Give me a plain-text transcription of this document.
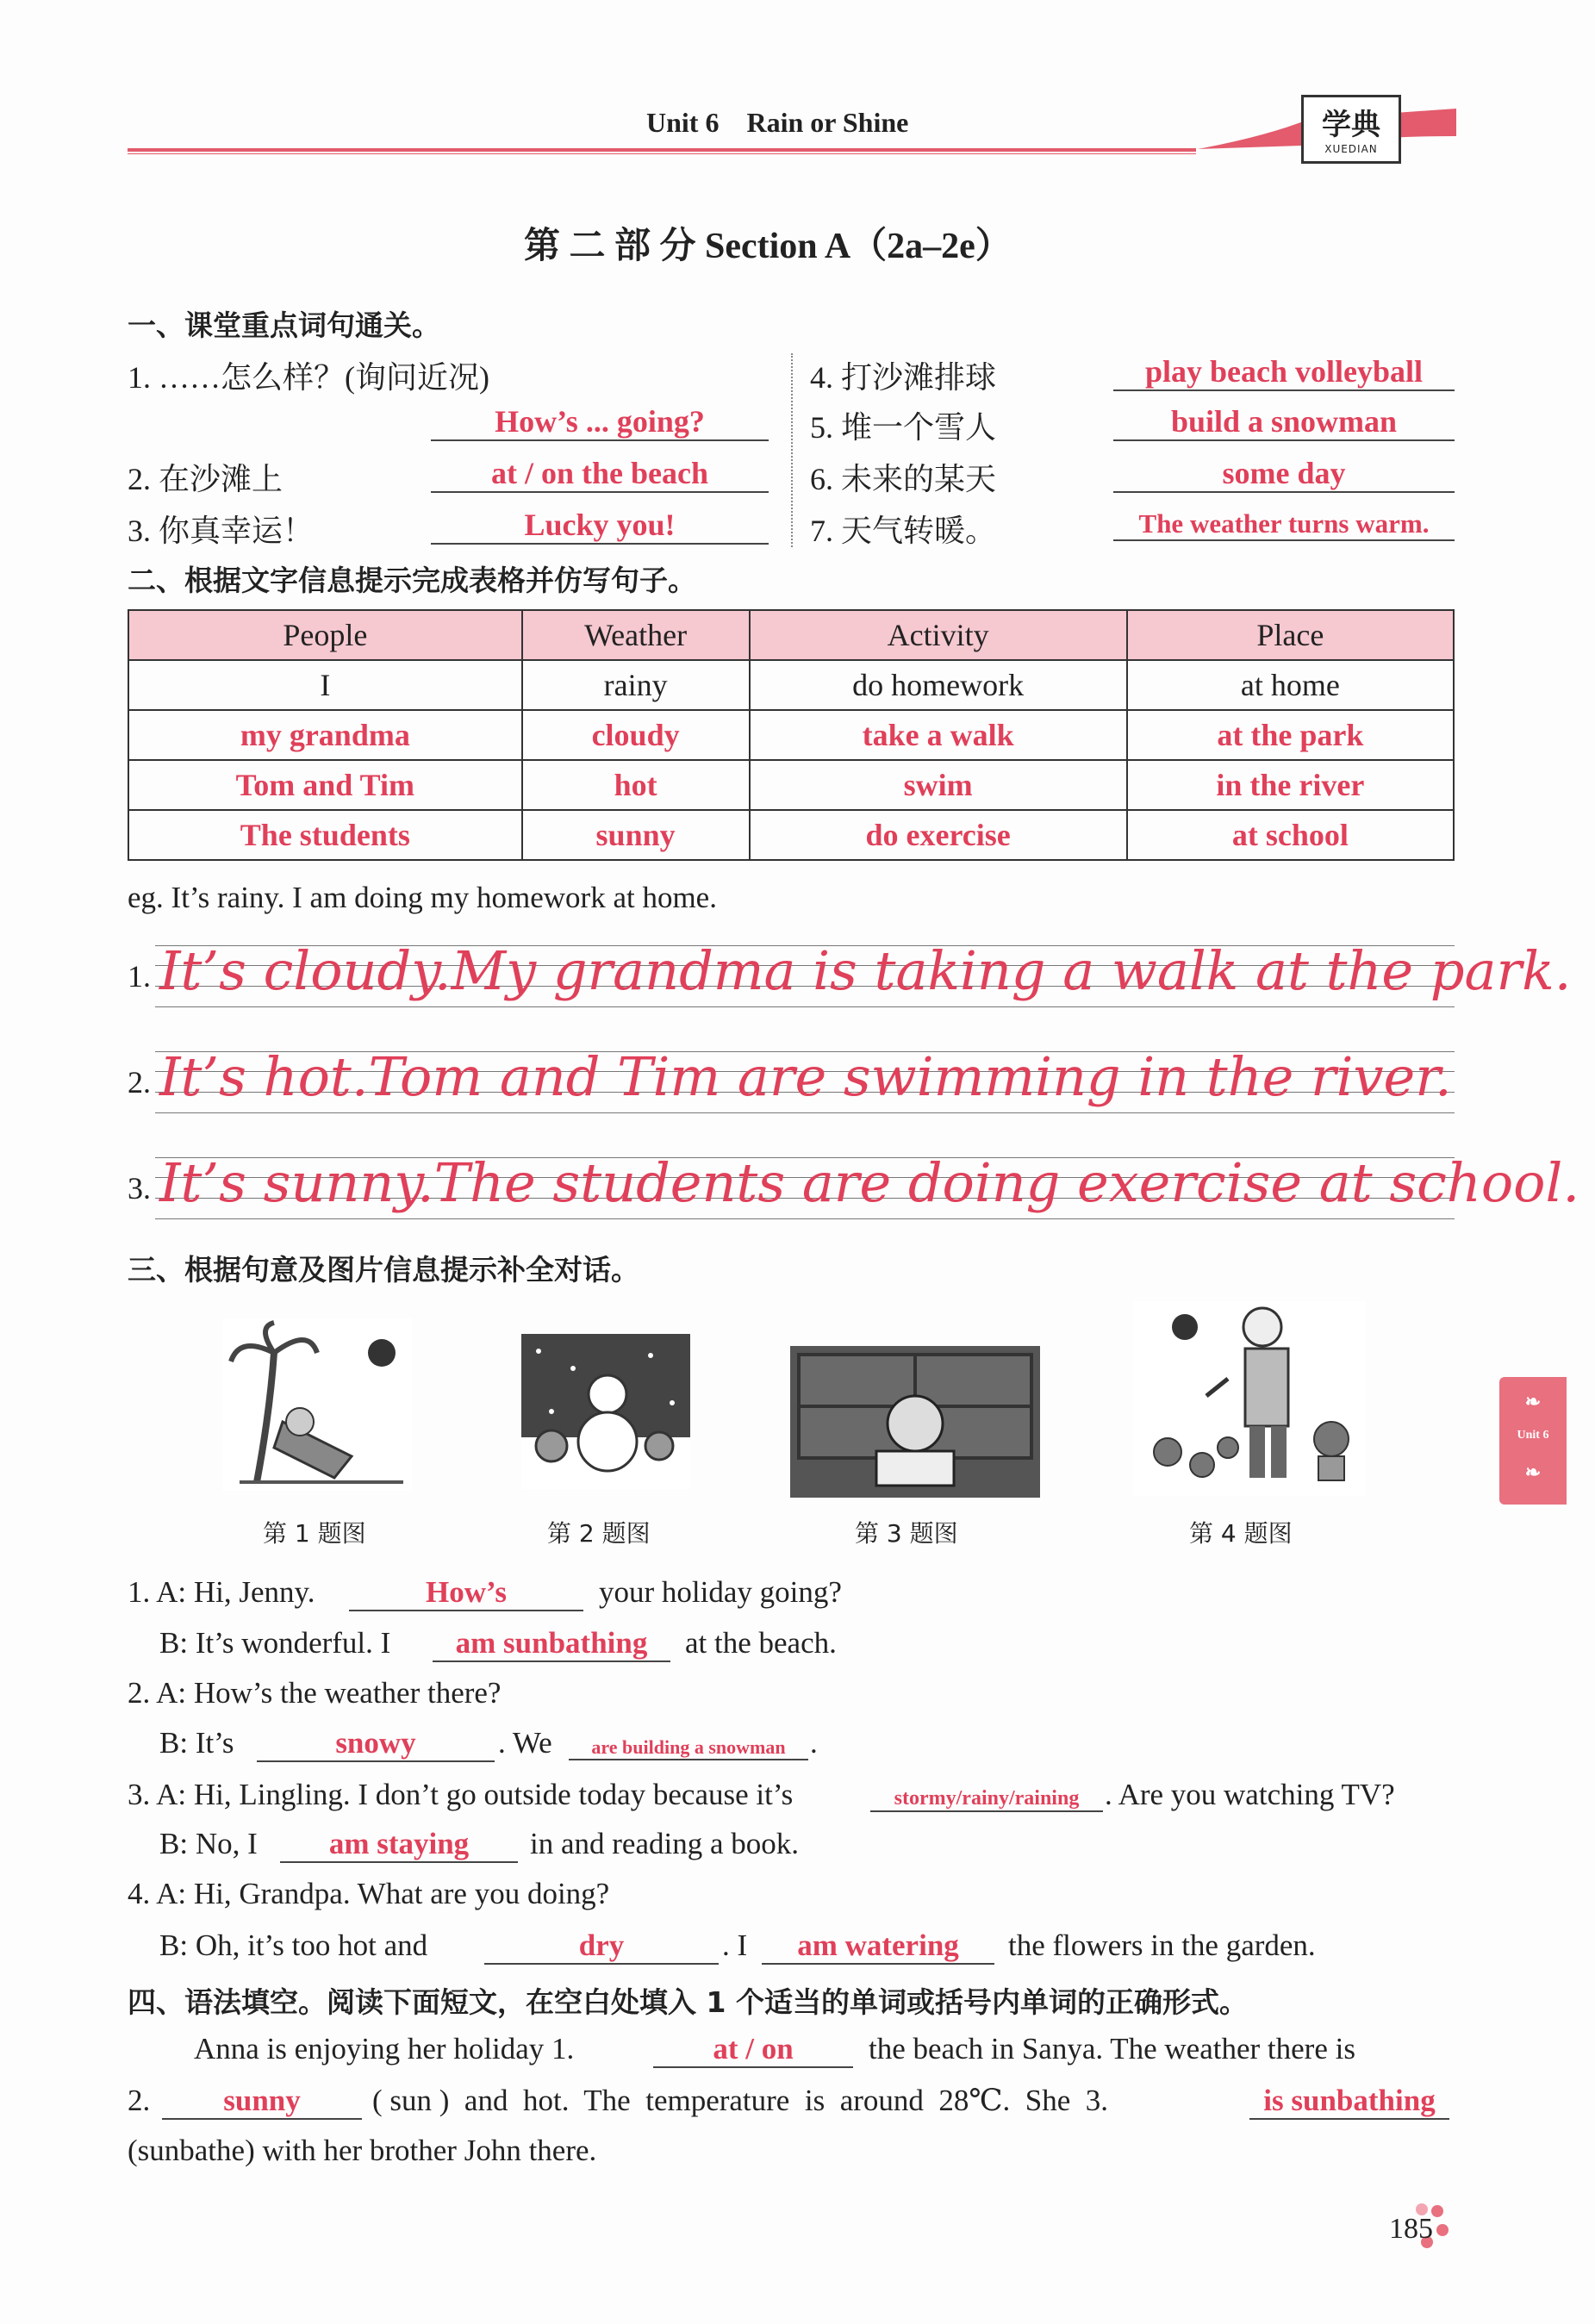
Unit 6 Rain or Shine	学典
XUEDIAN
第 二 部 分 Section A（2a–2e）
一、课堂重点词句通关。
1. ……怎么样？(询问近况)
How’s ... going?
2. 在沙滩上	at / on the beach
3. 你真幸运！	Lucky you!
4. 打沙滩排球	play beach volleyball
5. 堆一个雪人	build a snowman
6. 未来的某天	some day
7. 天气转暖。	The weather turns warm.
二、根据文字信息提示完成表格并仿写句子。
People	Weather	Activity	Place
I	rainy	do homework	at home
my grandma	cloudy	take a walk	at the park
Tom and Tim	hot	swim	in the river
The students	sunny	do exercise	at school
eg. It’s rainy. I am doing my homework at home.
1. It’s cloudy.My grandma is taking a walk at the park.
2. It’s hot.Tom and Tim are swimming in the river.
3. It’s sunny.The students are doing exercise at school.
三、根据句意及图片信息提示补全对话。
第 1 题图	第 2 题图	第 3 题图	第 4 题图
1. A: Hi, Jenny.	How’s	your holiday going?
B: It’s wonderful. I	am sunbathing	at the beach.
2. A: How’s the weather there?
B: It’s	snowy	. We	are building a snowman .
3. A: Hi, Lingling. I don’t go outside today because it’s	stormy/rainy/raining . Are you watching TV?
B: No, I	am staying	in and reading a book.
4. A: Hi, Grandpa. What are you doing?
B: Oh, it’s too hot and	dry	. I	am watering	the flowers in the garden.
四、语法填空。阅读下面短文，在空白处填入 1 个适当的单词或括号内单词的正确形式。
Anna is enjoying her holiday 1.	at / on	the beach in Sanya. The weather there is
2.	sunny	( sun )  and  hot.  The  temperature  is  around  28℃.  She  3.	is sunbathing
(sunbathe) with her brother John there.
❧
Unit 6
❧
185
